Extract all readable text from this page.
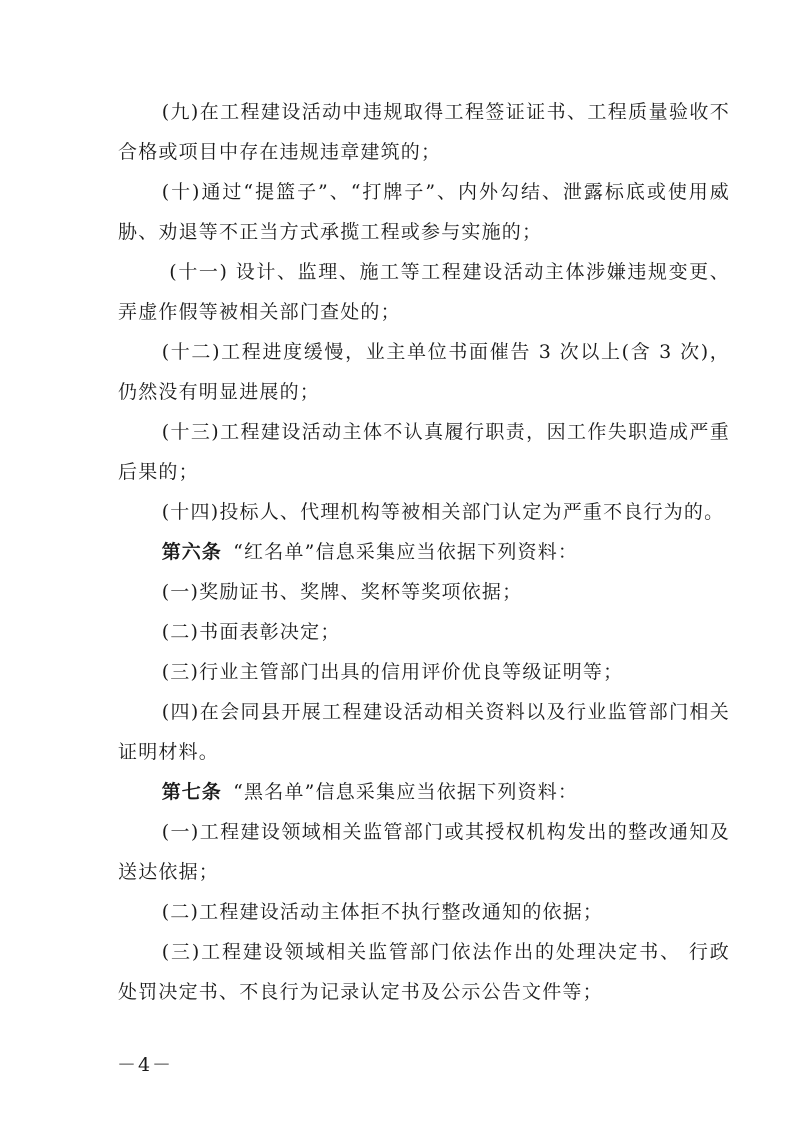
(九)在工程建设活动中违规取得工程签证证书、工程质量验收不合格或项目中存在违规违章建筑的；

(十)通过“提篮子”、“打牌子”、内外勾结、泄露标底或使用威胁、劝退等不正当方式承揽工程或参与实施的；

(十一) 设计、监理、施工等工程建设活动主体涉嫌违规变更、弄虚作假等被相关部门查处的；

(十二)工程进度缓慢，业主单位书面催告 3 次以上(含 3 次)，仍然没有明显进展的；

(十三)工程建设活动主体不认真履行职责，因工作失职造成严重后果的；

(十四)投标人、代理机构等被相关部门认定为严重不良行为的。

第六条 “红名单”信息采集应当依据下列资料：

(一)奖励证书、奖牌、奖杯等奖项依据；

(二)书面表彰决定；

(三)行业主管部门出具的信用评价优良等级证明等；

(四)在会同县开展工程建设活动相关资料以及行业监管部门相关证明材料。

第七条 “黑名单”信息采集应当依据下列资料：

(一)工程建设领域相关监管部门或其授权机构发出的整改通知及送达依据；

(二)工程建设活动主体拒不执行整改通知的依据；

(三)工程建设领域相关监管部门依法作出的处理决定书、 行政处罚决定书、不良行为记录认定书及公示公告文件等；

－4－
